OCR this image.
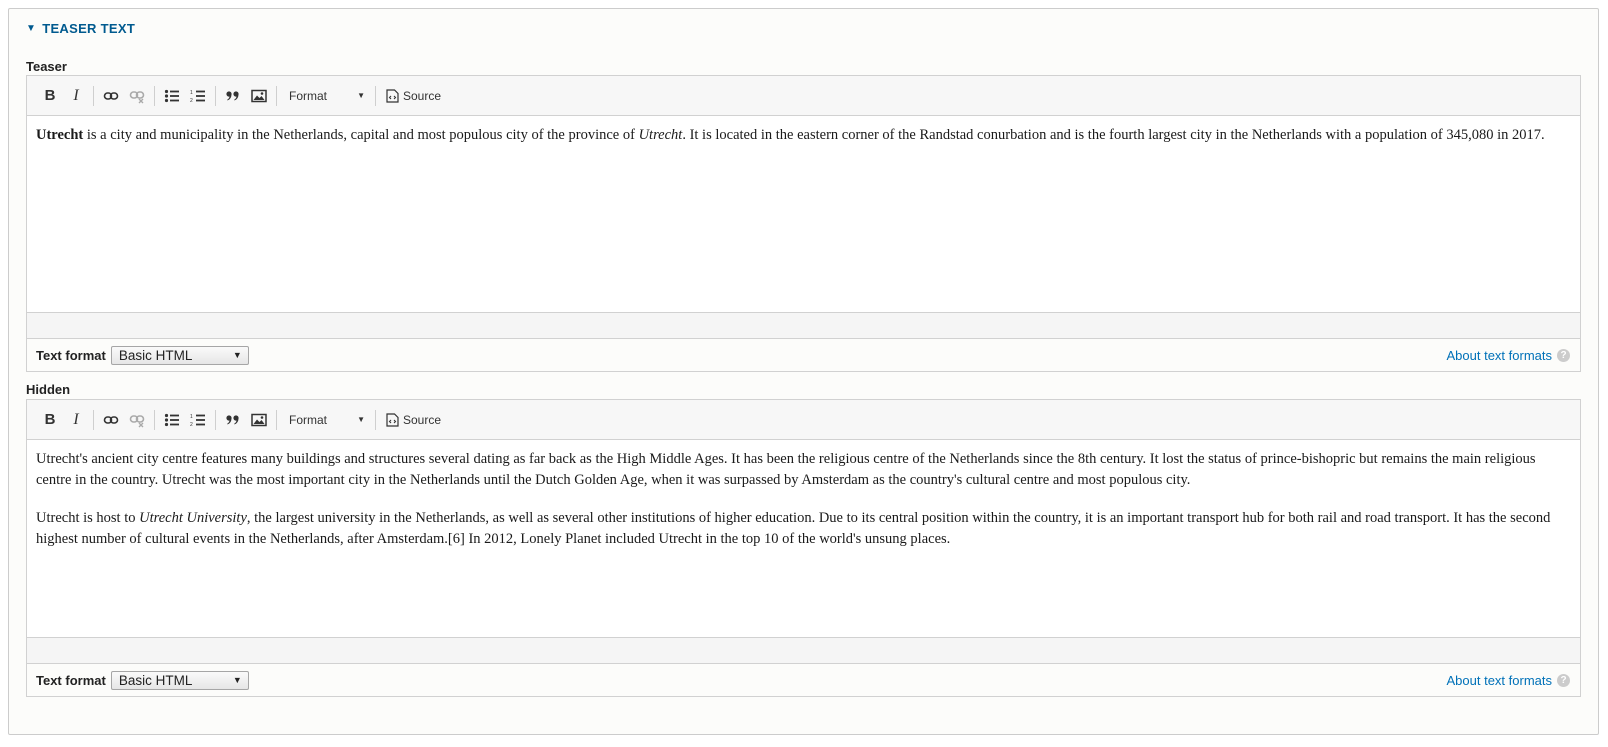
▼ TEASER TEXT
Teaser
B	I	1
2	Format	▼	Source

Utrecht is a city and municipality in the Netherlands, capital and most populous city of the province of Utrecht. It is located in the eastern corner of the Randstad conurbation and is the fourth largest city in the Netherlands with a population of 345,080 in 2017.

Text format Basic HTML	▼	About text formats ?
Hidden
B	I	1
2	Format	▼	Source

Utrecht's ancient city centre features many buildings and structures several dating as far back as the High Middle Ages. It has been the religious centre of the Netherlands since the 8th century. It lost the status of prince-bishopric but remains the main religious centre in the country. Utrecht was the most important city in the Netherlands until the Dutch Golden Age, when it was surpassed by Amsterdam as the country's cultural centre and most populous city.

Utrecht is host to Utrecht University, the largest university in the Netherlands, as well as several other institutions of higher education. Due to its central position within the country, it is an important transport hub for both rail and road transport. It has the second highest number of cultural events in the Netherlands, after Amsterdam.[6] In 2012, Lonely Planet included Utrecht in the top 10 of the world's unsung places.

Text format Basic HTML	▼	About text formats ?
